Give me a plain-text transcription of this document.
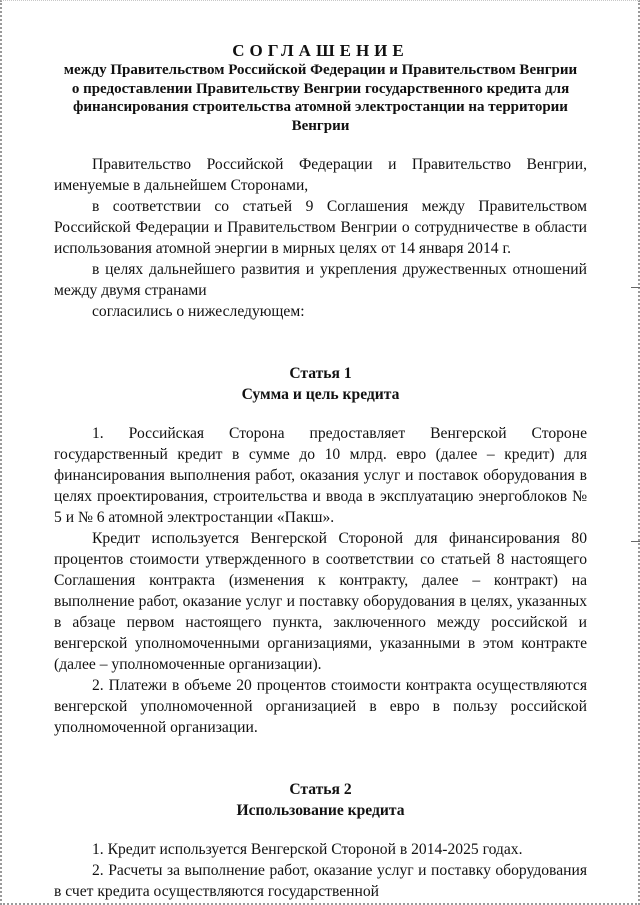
СОГЛАШЕНИЕ
между Правительством Российской Федерации и Правительством Венгрии о предоставлении Правительству Венгрии государственного кредита для финансирования строительства атомной электростанции на территории Венгрии

Правительство Российской Федерации и Правительство Венгрии, именуемые в дальнейшем Сторонами,

в соответствии со статьей 9 Соглашения между Правительством Российской Федерации и Правительством Венгрии о сотрудничестве в области использования атомной энергии в мирных целях от 14 января 2014 г.

в целях дальнейшего развития и укрепления дружественных отношений между двумя странами

согласились о нижеследующем:

Статья 1
Сумма и цель кредита

1. Российская Сторона предоставляет Венгерской Стороне государственный кредит в сумме до 10 млрд. евро (далее – кредит) для финансирования выполнения работ, оказания услуг и поставок оборудования в целях проектирования, строительства и ввода в эксплуатацию энергоблоков № 5 и № 6 атомной электростанции «Пакш».

Кредит используется Венгерской Стороной для финансирования 80 процентов стоимости утвержденного в соответствии со статьей 8 настоящего Соглашения контракта (изменения к контракту, далее – контракт) на выполнение работ, оказание услуг и поставку оборудования в целях, указанных в абзаце первом настоящего пункта, заключенного между российской и венгерской уполномоченными организациями, указанными в этом контракте (далее – уполномоченные организации).

2. Платежи в объеме 20 процентов стоимости контракта осуществляются венгерской уполномоченной организацией в евро в пользу российской уполномоченной организации.

Статья 2
Использование кредита

1. Кредит используется Венгерской Стороной в 2014-2025 годах.

2. Расчеты за выполнение работ, оказание услуг и поставку оборудования в счет кредита осуществляются государственной
